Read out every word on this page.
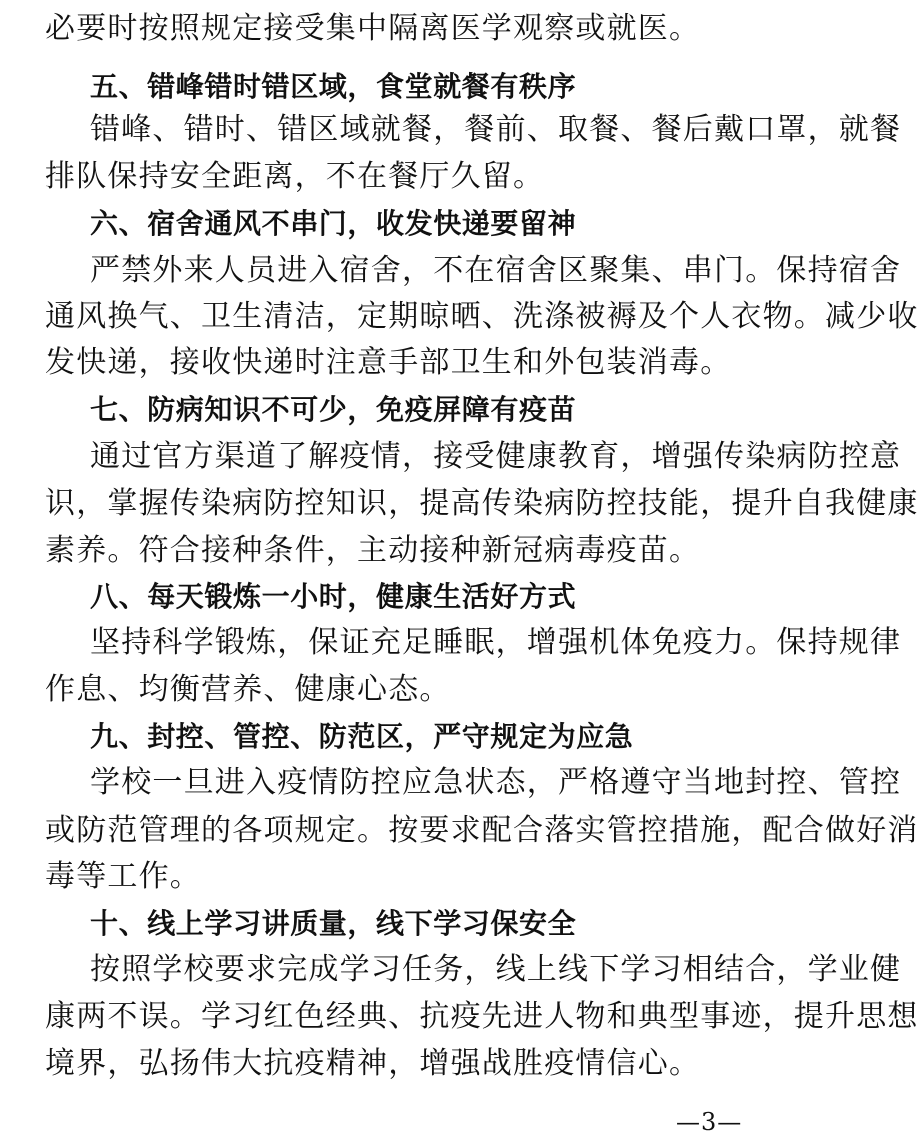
必要时按照规定接受集中隔离医学观察或就医。
五、错峰错时错区域，食堂就餐有秩序
错峰、错时、错区域就餐，餐前、取餐、餐后戴口罩，就餐
排队保持安全距离，不在餐厅久留。
六、宿舍通风不串门，收发快递要留神
严禁外来人员进入宿舍，不在宿舍区聚集、串门。保持宿舍
通风换气、卫生清洁，定期晾晒、洗涤被褥及个人衣物。减少收
发快递，接收快递时注意手部卫生和外包装消毒。
七、防病知识不可少，免疫屏障有疫苗
通过官方渠道了解疫情，接受健康教育，增强传染病防控意
识，掌握传染病防控知识，提高传染病防控技能，提升自我健康
素养。符合接种条件，主动接种新冠病毒疫苗。
八、每天锻炼一小时，健康生活好方式
坚持科学锻炼，保证充足睡眠，增强机体免疫力。保持规律
作息、均衡营养、健康心态。
九、封控、管控、防范区，严守规定为应急
学校一旦进入疫情防控应急状态，严格遵守当地封控、管控
或防范管理的各项规定。按要求配合落实管控措施，配合做好消
毒等工作。
十、线上学习讲质量，线下学习保安全
按照学校要求完成学习任务，线上线下学习相结合，学业健
康两不误。学习红色经典、抗疫先进人物和典型事迹，提升思想
境界，弘扬伟大抗疫精神，增强战胜疫情信心。
—3—
